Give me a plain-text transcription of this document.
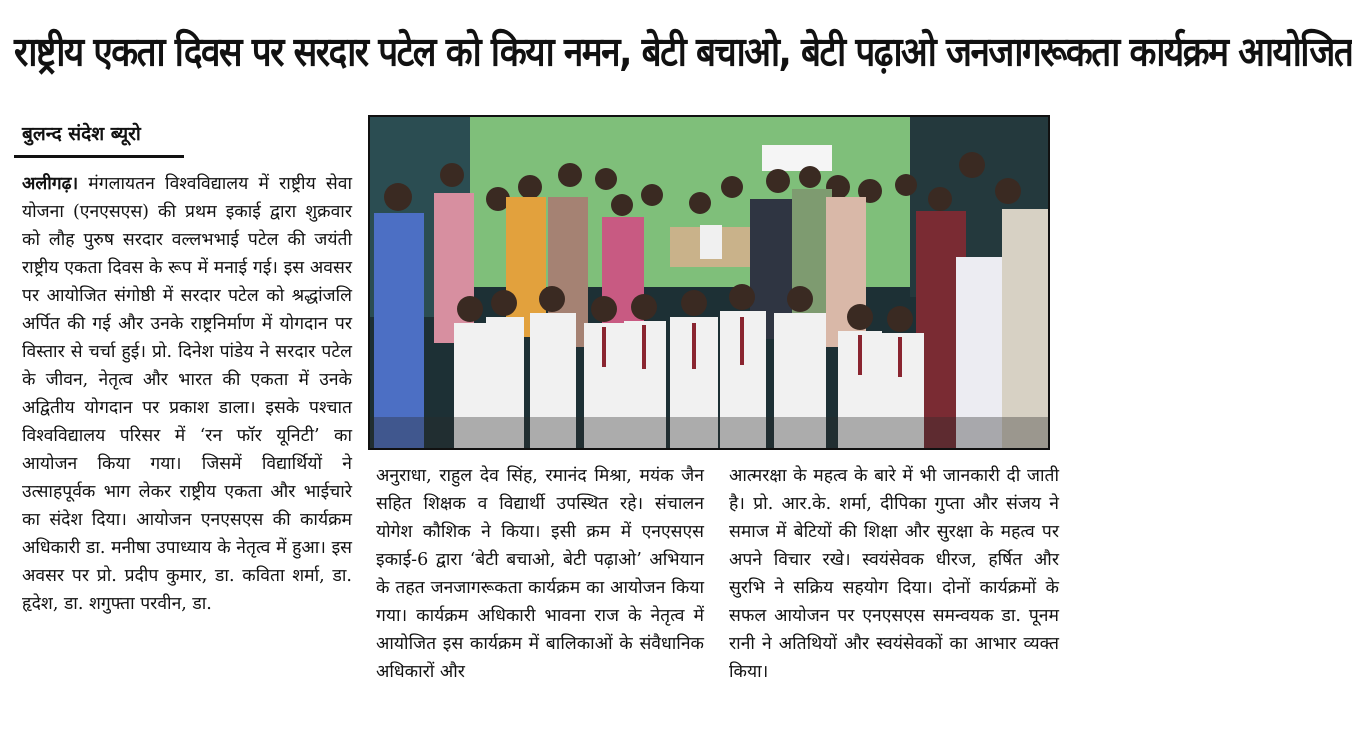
राष्ट्रीय एकता दिवस पर सरदार पटेल को किया नमन, बेटी बचाओ, बेटी पढ़ाओ जनजागरूकता कार्यक्रम आयोजित
बुलन्द संदेश ब्यूरो
अलीगढ़। मंगलायतन विश्वविद्यालय में राष्ट्रीय सेवा योजना (एनएसएस) की प्रथम इकाई द्वारा शुक्रवार को लौह पुरुष सरदार वल्लभभाई पटेल की जयंती राष्ट्रीय एकता दिवस के रूप में मनाई गई। इस अवसर पर आयोजित संगोष्ठी में सरदार पटेल को श्रद्धांजलि अर्पित की गई और उनके राष्ट्रनिर्माण में योगदान पर विस्तार से चर्चा हुई। प्रो. दिनेश पांडेय ने सरदार पटेल के जीवन, नेतृत्व और भारत की एकता में उनके अद्वितीय योगदान पर प्रकाश डाला। इसके पश्चात विश्वविद्यालय परिसर में ‘रन फॉर यूनिटी’ का आयोजन किया गया। जिसमें विद्यार्थियों ने उत्साहपूर्वक भाग लेकर राष्ट्रीय एकता और भाईचारे का संदेश दिया। आयोजन एनएसएस की कार्यक्रम अधिकारी डा. मनीषा उपाध्याय के नेतृत्व में हुआ। इस अवसर पर प्रो. प्रदीप कुमार, डा. कविता शर्मा, डा. हृदेश, डा. शगुफ्ता परवीन, डा.
अनुराधा, राहुल देव सिंह, रमानंद मिश्रा, मयंक जैन सहित शिक्षक व विद्यार्थी उपस्थित रहे। संचालन योगेश कौशिक ने किया। इसी क्रम में एनएसएस इकाई-6 द्वारा ‘बेटी बचाओ, बेटी पढ़ाओ’ अभियान के तहत जनजागरूकता कार्यक्रम का आयोजन किया गया। कार्यक्रम अधिकारी भावना राज के नेतृत्व में आयोजित इस कार्यक्रम में बालिकाओं के संवैधानिक अधिकारों और
आत्मरक्षा के महत्व के बारे में भी जानकारी दी जाती है। प्रो. आर.के. शर्मा, दीपिका गुप्ता और संजय ने समाज में बेटियों की शिक्षा और सुरक्षा के महत्व पर अपने विचार रखे। स्वयंसेवक धीरज, हर्षित और सुरभि ने सक्रिय सहयोग दिया। दोनों कार्यक्रमों के सफल आयोजन पर एनएसएस समन्वयक डा. पूनम रानी ने अतिथियों और स्वयंसेवकों का आभार व्यक्त किया।
